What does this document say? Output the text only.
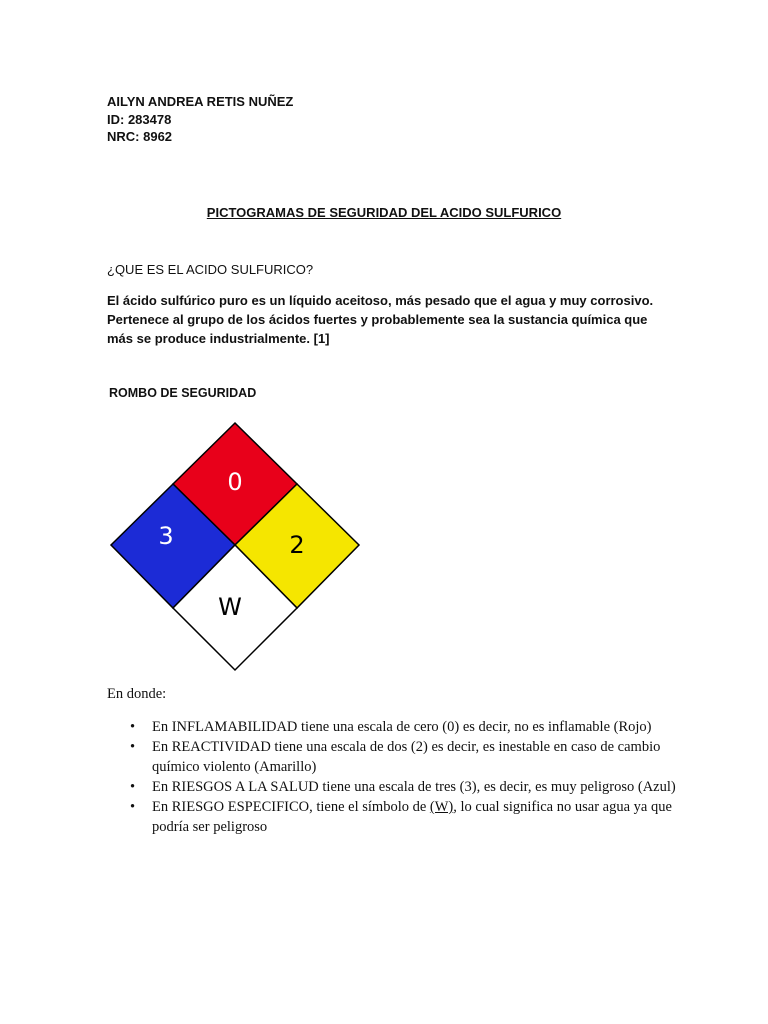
AILYN ANDREA RETIS NUÑEZ
ID: 283478
NRC: 8962
PICTOGRAMAS DE SEGURIDAD DEL ACIDO SULFURICO
¿QUE ES EL ACIDO SULFURICO?
El ácido sulfúrico puro es un líquido aceitoso, más pesado que el agua y muy corrosivo. Pertenece al grupo de los ácidos fuertes y probablemente sea la sustancia química que más se produce industrialmente. [1]
ROMBO DE SEGURIDAD
0
3	2
W
En donde:
• En INFLAMABILIDAD tiene una escala de cero (0) es decir, no es inflamable (Rojo)
• En REACTIVIDAD tiene una escala de dos (2) es decir, es inestable en caso de cambio químico violento (Amarillo)
• En RIESGOS A LA SALUD tiene una escala de tres (3), es decir, es muy peligroso (Azul)
• En RIESGO ESPECIFICO, tiene el símbolo de (W), lo cual significa no usar agua ya que podría ser peligroso
